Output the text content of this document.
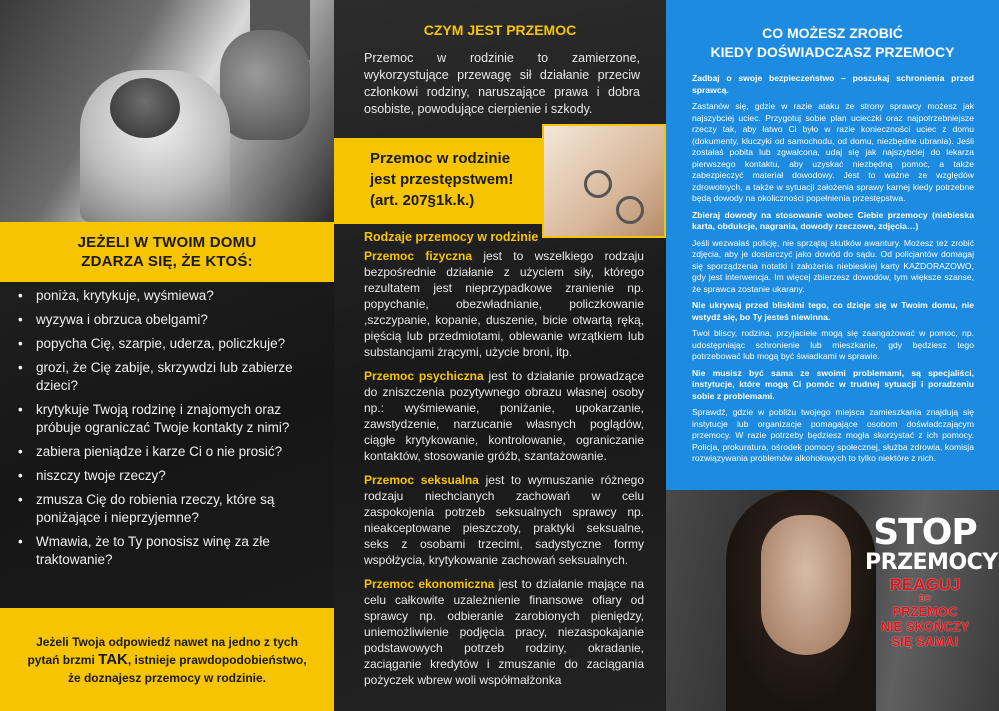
JEŻELI W TWOIM DOMU
ZDARZA SIĘ, ŻE KTOŚ:
• poniża, krytykuje, wyśmiewa?
• wyzywa i obrzuca obelgami?
• popycha Cię, szarpie, uderza, policzkuje?
• grozi, że Cię zabije, skrzywdzi lub zabierze dzieci?
• krytykuje Twoją rodzinę i znajomych oraz próbuje ograniczać Twoje kontakty z nimi?
• zabiera pieniądze i karze Ci o nie prosić?
• niszczy twoje rzeczy?
• zmusza Cię do robienia rzeczy, które są poniżające i nieprzyjemne?
• Wmawia, że to Ty ponosisz winę za złe traktowanie?

Jeżeli Twoja odpowiedź nawet na jedno z tych pytań brzmi TAK, istnieje prawdopodobieństwo, że doznajesz przemocy w rodzinie.

CZYM JEST PRZEMOC

Przemoc w rodzinie to zamierzone, wykorzystujące przewagę sił działanie przeciw członkowi rodziny, naruszające prawa i dobra osobiste, powodujące cierpienie i szkody.

Przemoc w rodzinie
jest przestępstwem!
(art. 207§1k.k.)
Rodzaje przemocy w rodzinie

Przemoc fizyczna jest to wszelkiego rodzaju bezpośrednie działanie z użyciem siły, którego rezultatem jest nieprzypadkowe zranienie np. popychanie, obezwładnianie, policzkowanie ,szczypanie, kopanie, duszenie, bicie otwartą ręką, pięścią lub przedmiotami, oblewanie wrzątkiem lub substancjami żrącymi, użycie broni, itp.

Przemoc psychiczna jest to działanie prowadzące do zniszczenia pozytywnego obrazu własnej osoby np.: wyśmiewanie, poniżanie, upokarzanie, zawstydzenie, narzucanie własnych poglądów, ciągłe krytykowanie, kontrolowanie, ograniczanie kontaktów, stosowanie gróźb, szantażowanie.

Przemoc seksualna jest to wymuszanie różnego rodzaju niechcianych zachowań w celu zaspokojenia potrzeb seksualnych sprawcy np. nieakceptowane pieszczoty, praktyki seksualne, seks z osobami trzecimi, sadystyczne formy współżycia, krytykowanie zachowań seksualnych.

Przemoc ekonomiczna jest to działanie mające na celu całkowite uzależnienie finansowe ofiary od sprawcy np. odbieranie zarobionych pieniędzy, uniemożliwienie podjęcia pracy, niezaspokajanie podstawowych potrzeb rodziny, okradanie, zaciąganie kredytów i zmuszanie do zaciągania pożyczek wbrew woli współmałżonka

CO MOŻESZ ZROBIĆ
KIEDY DOŚWIADCZASZ PRZEMOCY

Zadbaj o swoje bezpieczeństwo – poszukaj schronienia przed sprawcą.

Zastanów się, gdzie w razie ataku ze strony sprawcy możesz jak najszybciej uciec. Przygotuj sobie plan ucieczki oraz najpotrzebniejsze rzeczy tak, aby łatwo Ci było w razie konieczności uciec z domu (dokumenty, kluczyki od samochodu, od domu, niezbędne ubrania). Jeśli zostałaś pobita lub zgwałcona, udaj się jak najszybciej do lekarza pierwszego kontaktu, aby uzyskać niezbędną pomoc, a także zabezpieczyć materiał dowodowy. Jest to ważne ze względów zdrowotnych, a także w sytuacji założenia sprawy karnej kiedy potrzebne będą dowody na okoliczności popełnienia przestępstwa.

Zbieraj dowody na stosowanie wobec Ciebie przemocy (niebieska karta, obdukcje, nagrania, dowody rzeczowe, zdjęcia…)

Jeśli wezwałaś policję, nie sprzątaj skutków awantury. Możesz też zrobić zdjęcia, aby je dostarczyć jako dowód do sądu. Od policjantów domagaj się sporządzenia notatki i założenia niebieskiej karty KAŻDORAZOWO, gdy jest interwencja. Im więcej zbierzesz dowodów, tym większe szanse, że sprawca zostanie ukarany.

Nie ukrywaj przed bliskimi tego, co dzieje się w Twoim domu, nie wstydź się, bo Ty jesteś niewinna.

Twoi bliscy, rodzina, przyjaciele mogą się zaangażować w pomoc, np. udostępniając schronienie lub mieszkanie, gdy będziesz tego potrzebować lub mogą być świadkami w sprawie.

Nie musisz być sama ze swoimi problemami, są specjaliści, instytucje, które mogą Ci pomóc w trudnej sytuacji i poradzeniu sobie z problemami.

Sprawdź, gdzie w pobliżu twojego miejsca zamieszkania znajdują się instytucje lub organizacje pomagające osobom doświadczającym przemocy. W razie potrzeby będziesz mogła skorzystać z ich pomocy. Policja, prokuratura, ośrodek pomocy społecznej, służba zdrowia, komisja rozwiązywania problemów alkoholowych to tylko niektóre z nich.

STOP
PRZEMOCY
REAGUJ
BO
PRZEMOC
NIE SKOŃCZY
SIĘ SAMA!
